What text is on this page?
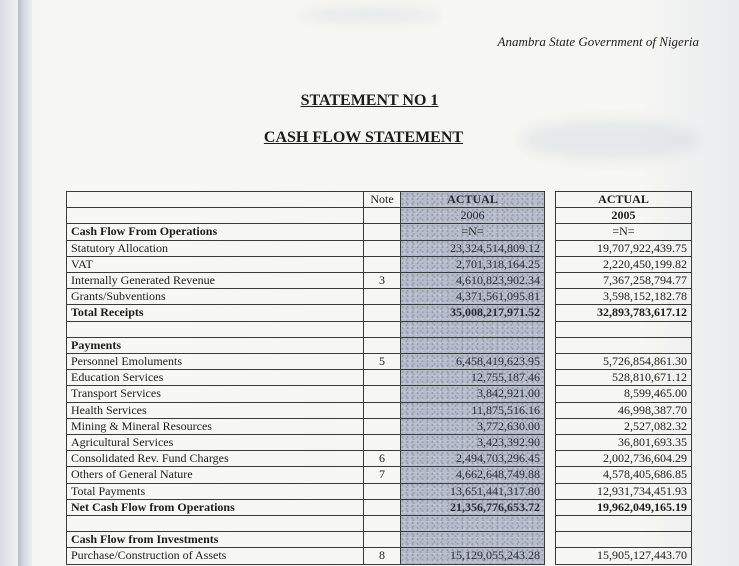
Anambra State Government of Nigeria
STATEMENT NO 1
CASH FLOW STATEMENT
	Note	ACTUAL		ACTUAL
		2006		2005
Cash Flow From Operations		=N=		=N=
Statutory Allocation		23,324,514,809.12		19,707,922,439.75
VAT		2,701,318,164.25		2,220,450,199.82
Internally Generated Revenue	3	4,610,823,902.34		7,367,258,794.77
Grants/Subventions		4,371,561,095.81		3,598,152,182.78
Total Receipts		35,008,217,971.52		32,893,783,617.12

Payments				
Personnel Emoluments	5	6,458,419,623.95		5,726,854,861.30
Education Services		12,755,187.46		528,810,671.12
Transport Services		3,842,921.00		8,599,465.00
Health Services		11,875,516.16		46,998,387.70
Mining & Mineral Resources		3,772,630.00		2,527,082.32
Agricultural Services		3,423,392.90		36,801,693.35
Consolidated Rev. Fund Charges	6	2,494,703,296.45		2,002,736,604.29
Others of General Nature	7	4,662,648,749.88		4,578,405,686.85
Total Payments		13,651,441,317.80		12,931,734,451.93
Net Cash Flow from Operations		21,356,776,653.72		19,962,049,165.19

Cash Flow from Investments				
Purchase/Construction of Assets	8	15,129,055,243.28		15,905,127,443.70
